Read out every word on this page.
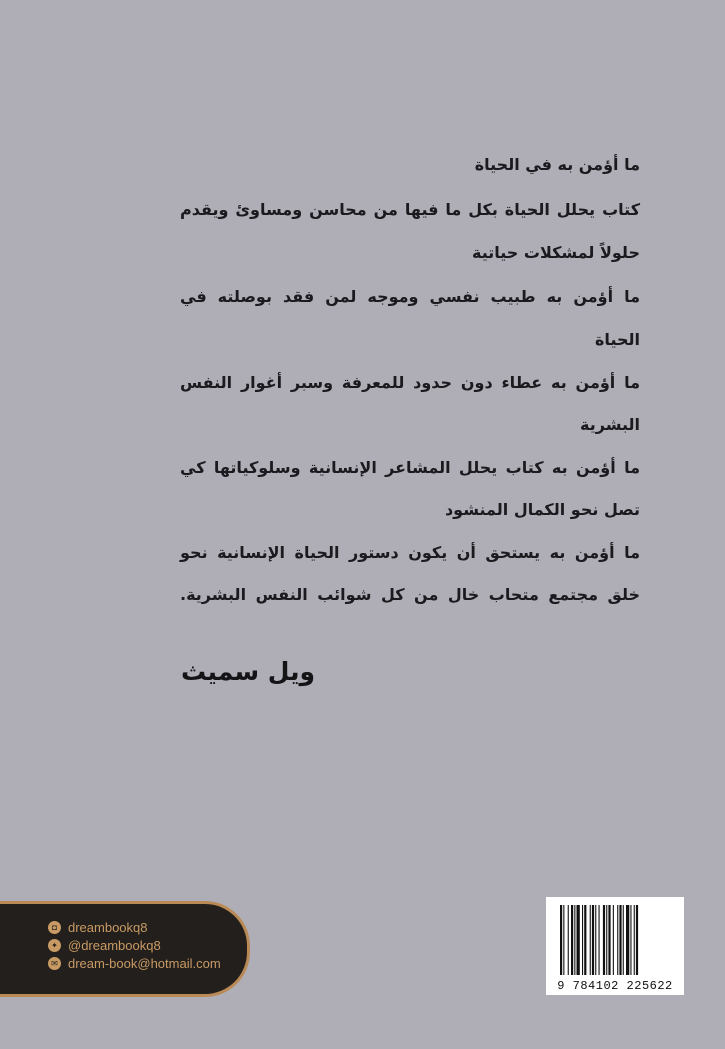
ما أؤمن به في الحياة
كتاب يحلل الحياة بكل ما فيها من محاسن ومساوئ ويقدم
حلولاً لمشكلات حياتية
ما أؤمن به طبيب نفسي وموجه لمن فقد بوصلته في
الحياة
ما أؤمن به عطاء دون حدود للمعرفة وسبر أغوار النفس
البشرية
ما أؤمن به كتاب يحلل المشاعر الإنسانية وسلوكياتها كي
تصل نحو الكمال المنشود
ما أؤمن به يستحق أن يكون دستور الحياة الإنسانية نحو
خلق مجتمع متحاب خال من كل شوائب النفس البشرية.
ويل سميث
◘ dreambookq8
✦ @dreambookq8
✉ dream-book@hotmail.com
9 784102 225622
